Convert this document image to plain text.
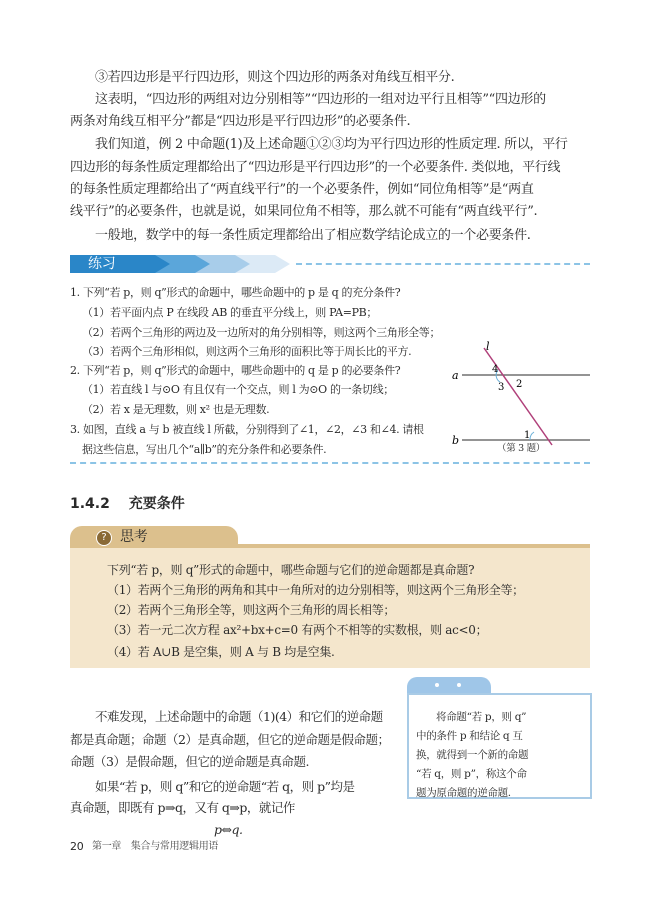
③若四边形是平行四边形，则这个四边形的两条对角线互相平分.
这表明，“四边形的两组对边分别相等”“四边形的一组对边平行且相等”“四边形的
两条对角线互相平分”都是“四边形是平行四边形”的必要条件.
我们知道，例 2 中命题(1)及上述命题①②③均为平行四边形的性质定理. 所以，平行
四边形的每条性质定理都给出了“四边形是平行四边形”的一个必要条件. 类似地，平行线
的每条性质定理都给出了“两直线平行”的一个必要条件，例如“同位角相等”是“两直
线平行”的必要条件，也就是说，如果同位角不相等，那么就不可能有“两直线平行”.
一般地，数学中的每一条性质定理都给出了相应数学结论成立的一个必要条件.
练习
1. 下列“若 p，则 q”形式的命题中，哪些命题中的 p 是 q 的充分条件?
（1）若平面内点 P 在线段 AB 的垂直平分线上，则 PA=PB；
（2）若两个三角形的两边及一边所对的角分别相等，则这两个三角形全等；
（3）若两个三角形相似，则这两个三角形的面积比等于周长比的平方.
2. 下列“若 p，则 q”形式的命题中，哪些命题中的 q 是 p 的必要条件?
（1）若直线 l 与⊙O 有且仅有一个交点，则 l 为⊙O 的一条切线；
（2）若 x 是无理数，则 x² 也是无理数.
3. 如图，直线 a 与 b 被直线 l 所截，分别得到了∠1，∠2，∠3 和∠4. 请根
据这些信息，写出几个“a∥b”的充分条件和必要条件.
l
a
b
4
2
3
1
（第 3 题）
1.4.2　 充要条件
? 思考
下列“若 p，则 q”形式的命题中，哪些命题与它们的逆命题都是真命题?
（1）若两个三角形的两角和其中一角所对的边分别相等，则这两个三角形全等；
（2）若两个三角形全等，则这两个三角形的周长相等；
（3）若一元二次方程 ax²+bx+c=0 有两个不相等的实数根，则 ac<0；
（4）若 A∪B 是空集，则 A 与 B 均是空集.
不难发现，上述命题中的命题（1)(4）和它们的逆命题
都是真命题；命题（2）是真命题，但它的逆命题是假命题；
命题（3）是假命题，但它的逆命题是真命题.
如果“若 p，则 q”和它的逆命题“若 q，则 p”均是
真命题，即既有 p⇒q，又有 q⇒p，就记作
p⇔q.
将命题“若 p，则 q”
中的条件 p 和结论 q 互
换，就得到一个新的命题
“若 q，则 p”，称这个命
题为原命题的逆命题.
20 第一章　集合与常用逻辑用语
